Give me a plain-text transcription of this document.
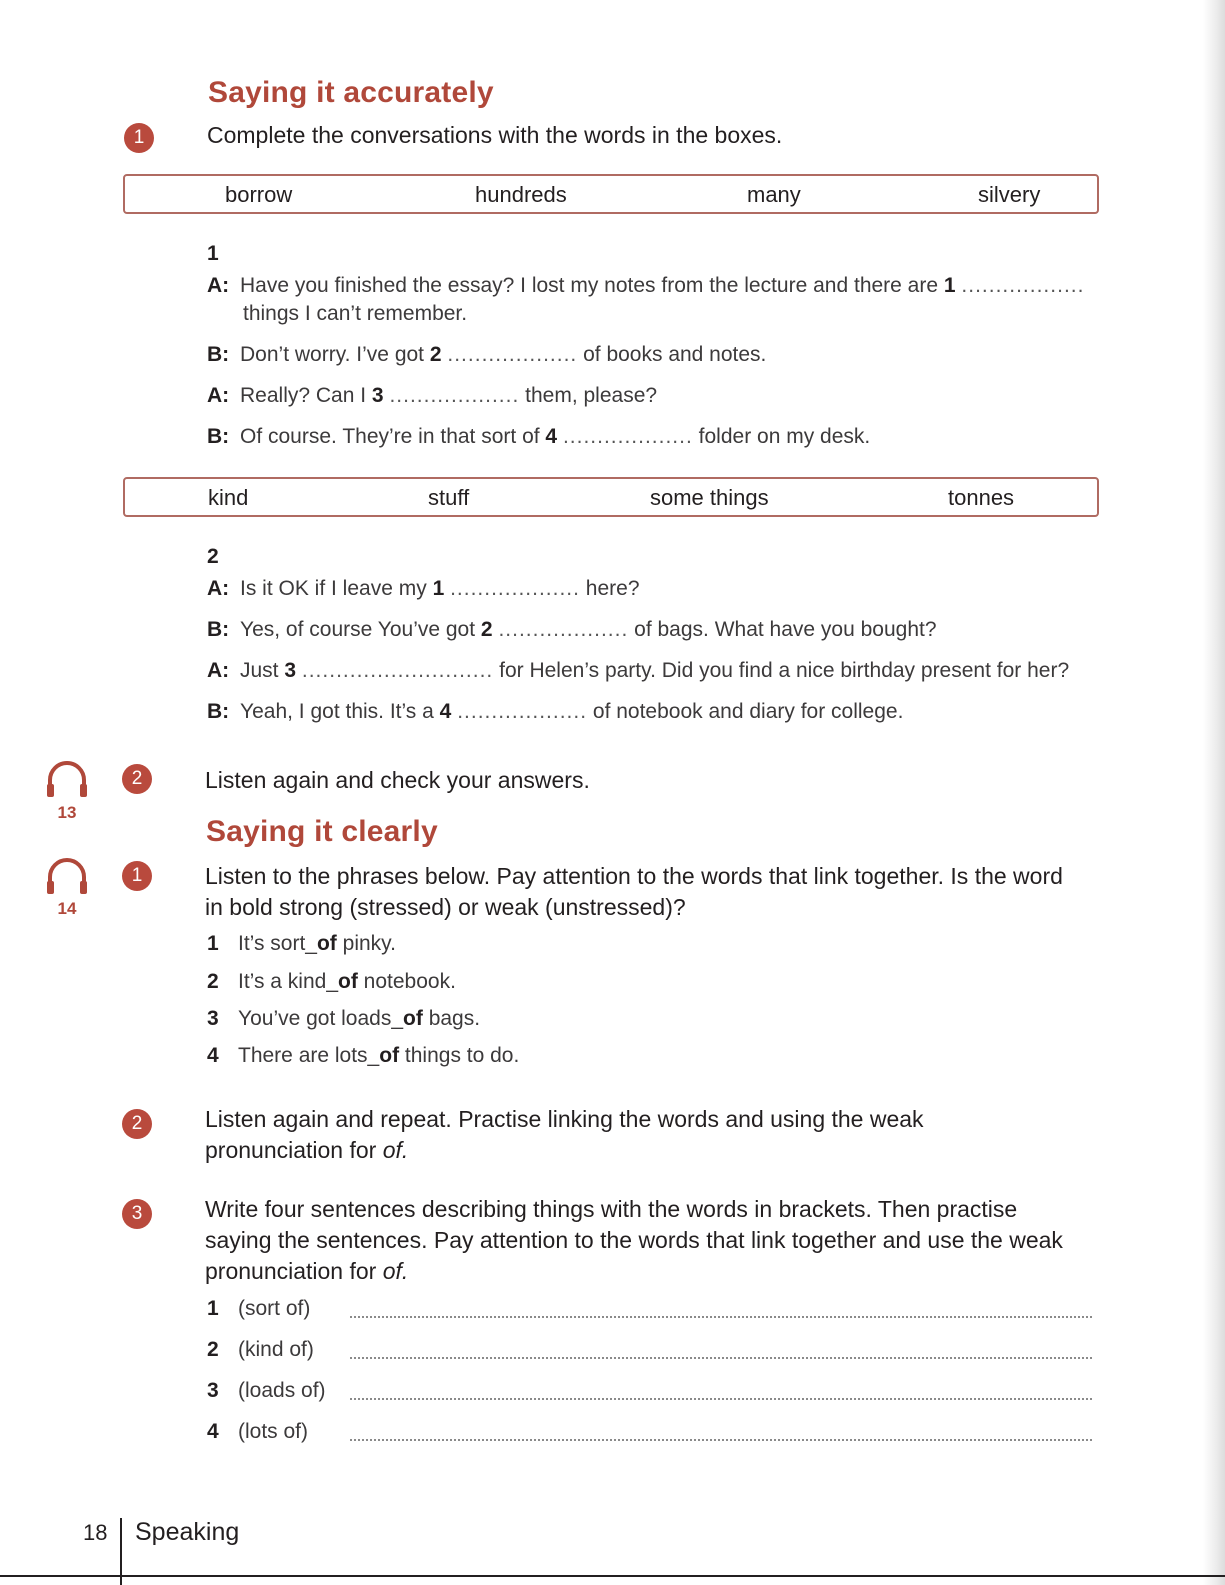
Saying it accurately
1	Complete the conversations with the words in the boxes.
borrow	hundreds	many	silvery
1
A: Have you finished the essay? I lost my notes from the lecture and there are 1 ..................
things I can’t remember.
B: Don’t worry. I’ve got 2 ................... of books and notes.
A: Really? Can I 3 ................... them, please?
B: Of course. They’re in that sort of 4 ................... folder on my desk.
kind	stuff	some things	tonnes
2
A: Is it OK if I leave my 1 ................... here?
B: Yes, of course You’ve got 2 ................... of bags. What have you bought?
A: Just 3 ............................ for Helen’s party. Did you find a nice birthday present for her?
B: Yeah, I got this. It’s a 4 ................... of notebook and diary for college.
13
2	Listen again and check your answers.
Saying it clearly
14
1	Listen to the phrases below. Pay attention to the words that link together. Is the word in bold strong (stressed) or weak (unstressed)?
1 It’s sort_of pinky.
2 It’s a kind_of notebook.
3 You’ve got loads_of bags.
4 There are lots_of things to do.
2	Listen again and repeat. Practise linking the words and using the weak pronunciation for of.
3	Write four sentences describing things with the words in brackets. Then practise saying the sentences. Pay attention to the words that link together and use the weak pronunciation for of.
1 (sort of)
2 (kind of)
3 (loads of)
4 (lots of)
18 Speaking
